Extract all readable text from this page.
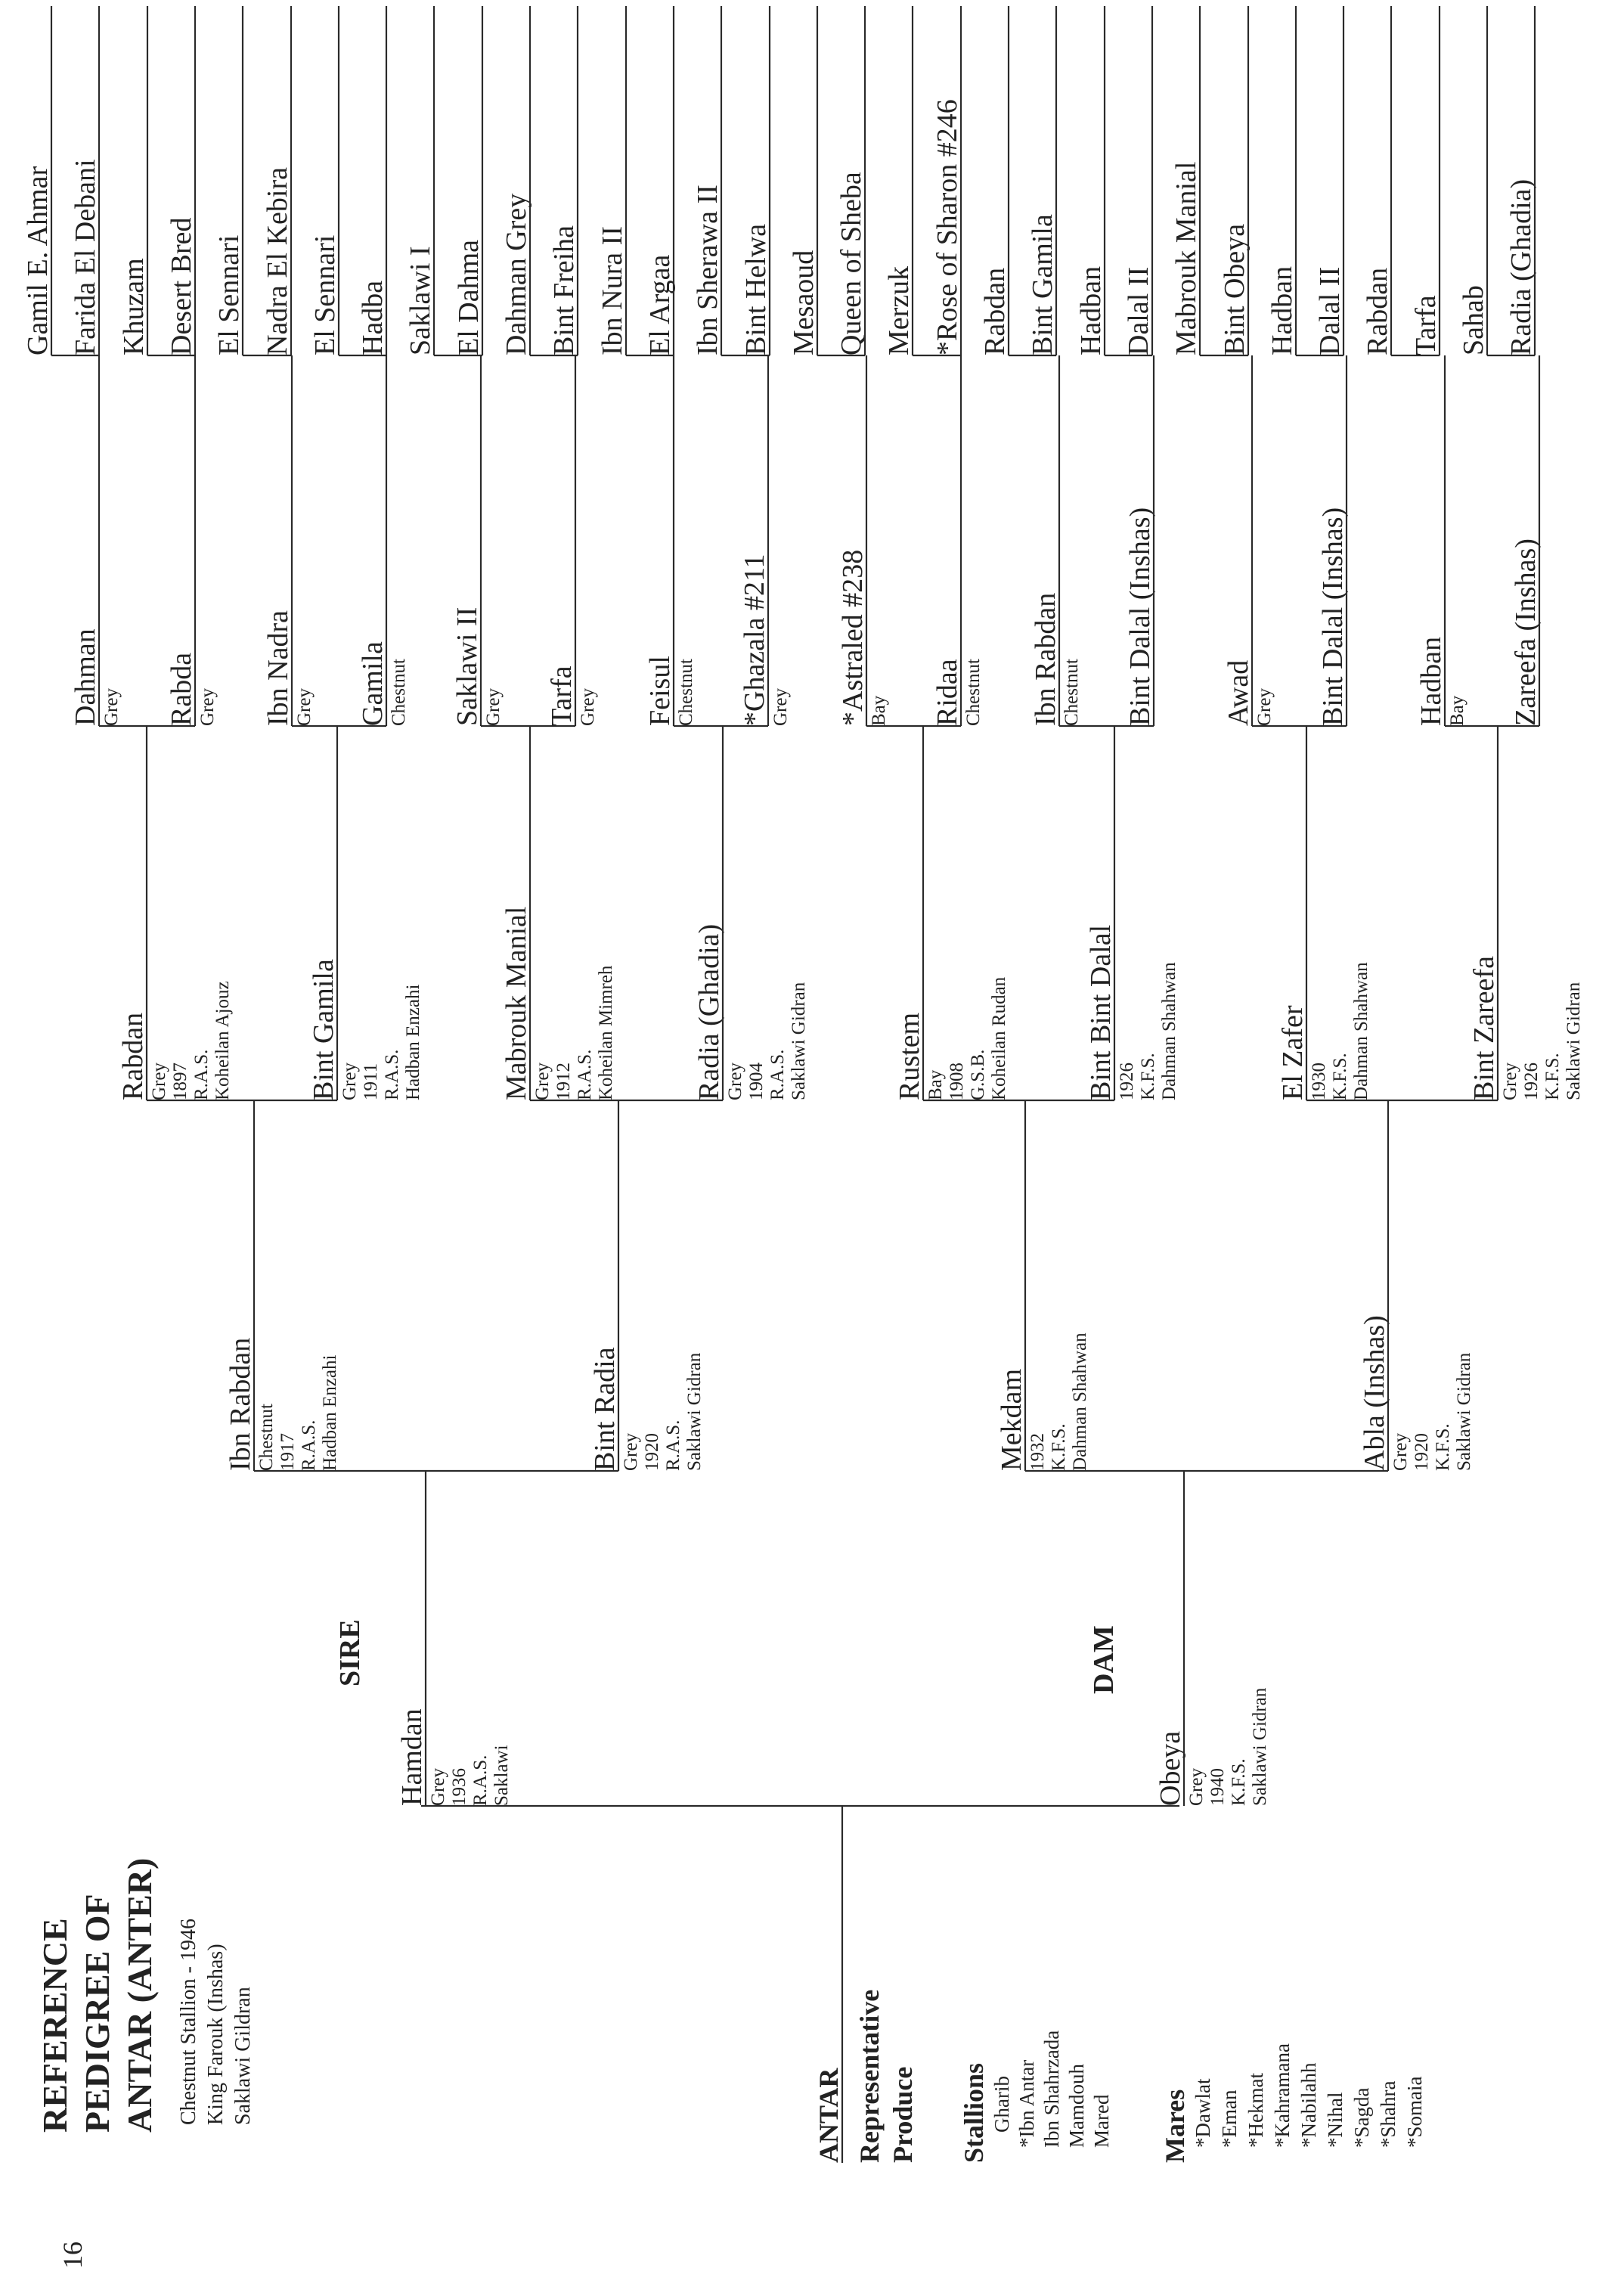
16
REFERENCE PEDIGREE OF ANTAR (ANTER) Chestnut Stallion - 1946 King Farouk (Inshas) Saklawi Gildran	ANTAR Representative Produce Stallions Gharib *Ibn Antar Ibn Shahrzada Mamdouh Mared Mares *Dawlat *Eman *Hekmat *Kahramana *Nabilahh *Nihal *Sagda *Shahra *Somaia
SIRE	DAM
Hamdan Grey 1936 R.A.S. Saklawi	Obeya Grey 1940 K.F.S. Saklawi Gidran
Ibn Rabdan Chestnut 1917 R.A.S. Hadban Enzahi	Bint Radia Grey 1920 R.A.S. Saklawi Gidran	Mekdam 1932 K.F.S. Dahman Shahwan	Abla (Inshas) Grey 1920 K.F.S. Saklawi Gidran
Rabdan Grey 1897 R.A.S. Koheilan Ajouz	Bint Gamila Grey 1911 R.A.S. Hadban Enzahi	Mabrouk Manial Grey 1912 R.A.S. Koheilan Mimreh	Radia (Ghadia) Grey 1904 R.A.S. Saklawi Gidran	Rustem Bay 1908 G.S.B. Koheilan Rudan	Bint Bint Dalal 1926 K.F.S. Dahman Shahwan	El Zafer 1930 K.F.S. Dahman Shahwan	Bint Zareefa Grey 1926 K.F.S. Saklawi Gidran
Dahman Grey Rabda Grey Ibn Nadra Grey Gamila Chestnut Saklawi II Grey Tarfa Grey Feisul Chestnut *Ghazala #211 Grey *Astraled #238 Bay Ridaa Chestnut Ibn Rabdan Chestnut Bint Dalal (Inshas) Awad Grey Bint Dalal (Inshas) Hadban Bay Zareefa (Inshas)
Gamil E. Ahmar Farida El Debani Khuzam Desert Bred El Sennari Nadra El Kebira El Sennari Hadba Saklawi I El Dahma Dahman Grey Bint Freiha Ibn Nura II El Argaa Ibn Sherawa II Bint Helwa Mesaoud Queen of Sheba Merzuk *Rose of Sharon #246 Rabdan Bint Gamila Hadban Dalal II Mabrouk Manial Bint Obeya Hadban Dalal II Rabdan Tarfa Sahab Radia (Ghadia)
